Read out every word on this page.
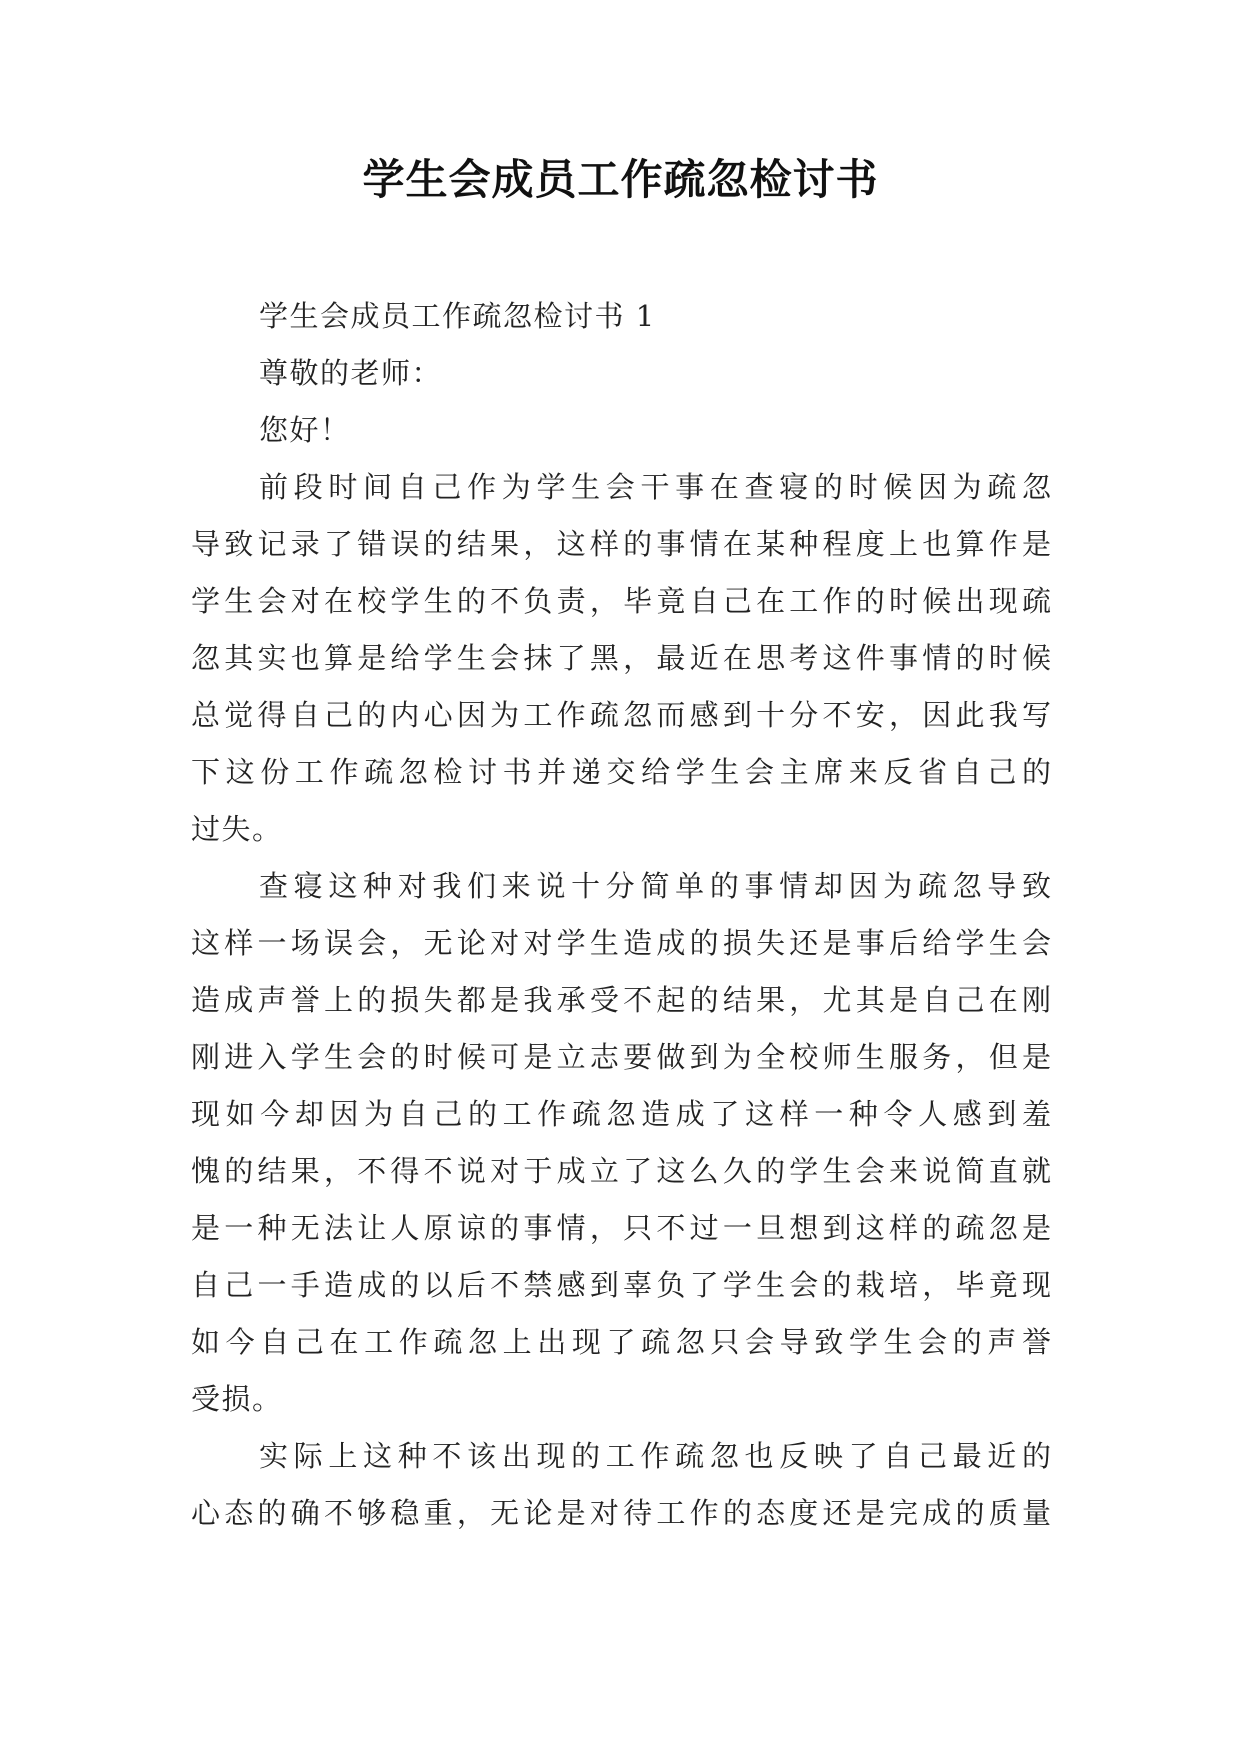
学生会成员工作疏忽检讨书
学生会成员工作疏忽检讨书 1
尊敬的老师：
您好！
前段时间自己作为学生会干事在查寝的时候因为疏忽
导致记录了错误的结果，这样的事情在某种程度上也算作是
学生会对在校学生的不负责，毕竟自己在工作的时候出现疏
忽其实也算是给学生会抹了黑，最近在思考这件事情的时候
总觉得自己的内心因为工作疏忽而感到十分不安，因此我写
下这份工作疏忽检讨书并递交给学生会主席来反省自己的
过失。
查寝这种对我们来说十分简单的事情却因为疏忽导致
这样一场误会，无论对对学生造成的损失还是事后给学生会
造成声誉上的损失都是我承受不起的结果，尤其是自己在刚
刚进入学生会的时候可是立志要做到为全校师生服务，但是
现如今却因为自己的工作疏忽造成了这样一种令人感到羞
愧的结果，不得不说对于成立了这么久的学生会来说简直就
是一种无法让人原谅的事情，只不过一旦想到这样的疏忽是
自己一手造成的以后不禁感到辜负了学生会的栽培，毕竟现
如今自己在工作疏忽上出现了疏忽只会导致学生会的声誉
受损。
实际上这种不该出现的工作疏忽也反映了自己最近的
心态的确不够稳重，无论是对待工作的态度还是完成的质量
